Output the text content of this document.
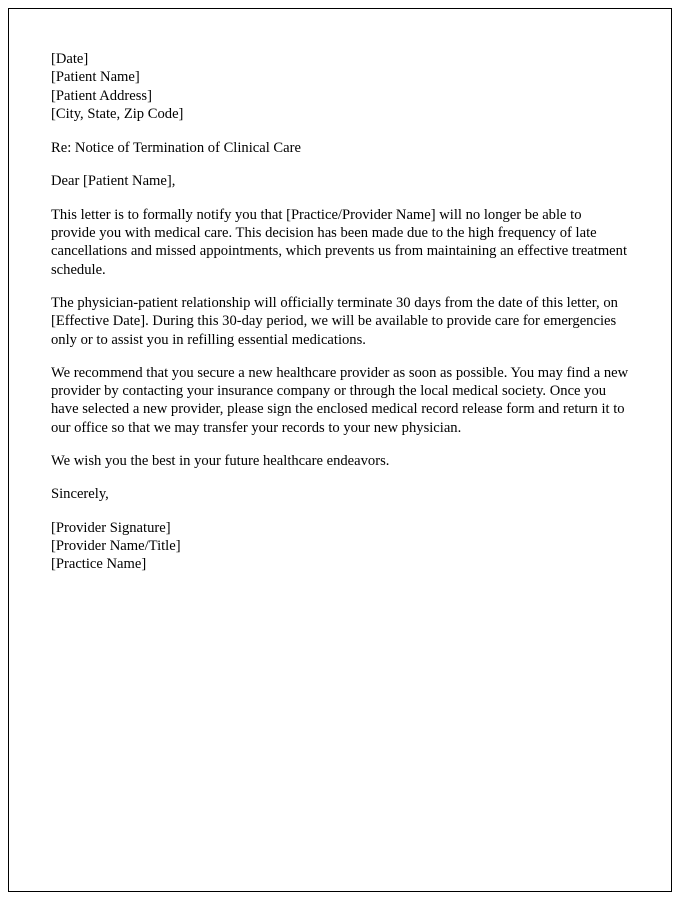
[Date]
[Patient Name]
[Patient Address]
[City, State, Zip Code]

Re: Notice of Termination of Clinical Care

Dear [Patient Name],

This letter is to formally notify you that [Practice/Provider Name] will no longer be able to provide you with medical care. This decision has been made due to the high frequency of late cancellations and missed appointments, which prevents us from maintaining an effective treatment schedule.

The physician-patient relationship will officially terminate 30 days from the date of this letter, on [Effective Date]. During this 30-day period, we will be available to provide care for emergencies only or to assist you in refilling essential medications.

We recommend that you secure a new healthcare provider as soon as possible. You may find a new provider by contacting your insurance company or through the local medical society. Once you have selected a new provider, please sign the enclosed medical record release form and return it to our office so that we may transfer your records to your new physician.

We wish you the best in your future healthcare endeavors.

Sincerely,

[Provider Signature]
[Provider Name/Title]
[Practice Name]
